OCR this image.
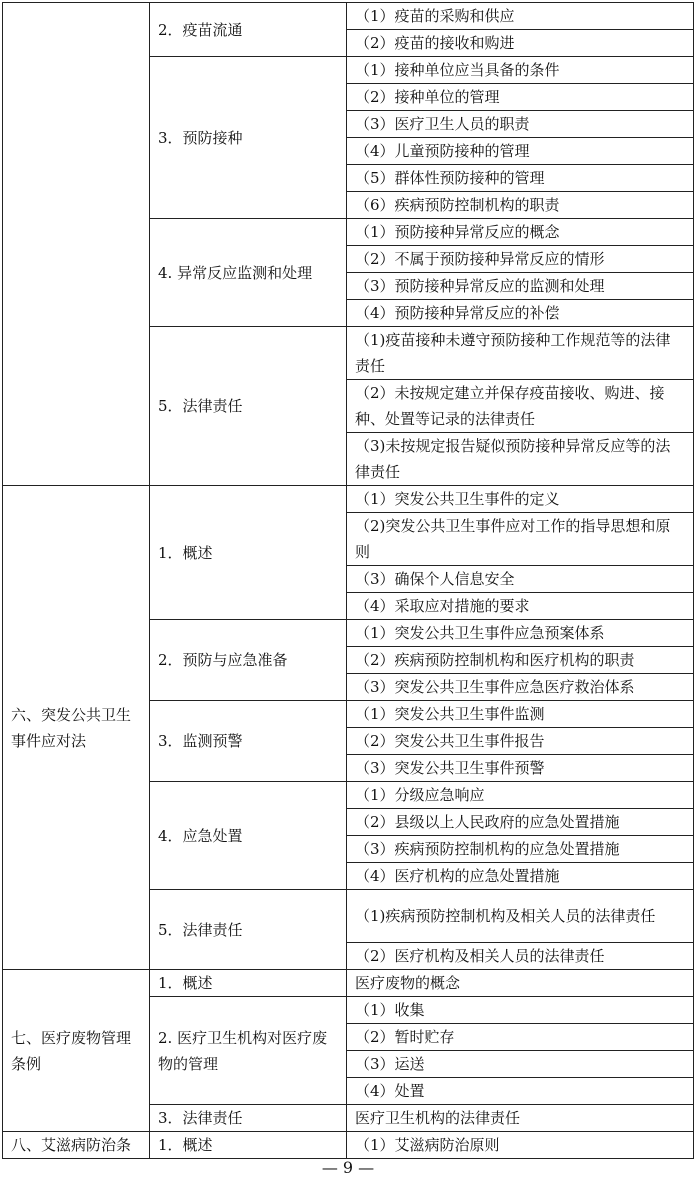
	2．疫苗流通	（1）疫苗的采购和供应
		（2）疫苗的接收和购进
	3．预防接种	（1）接种单位应当具备的条件
		（2）接种单位的管理
		（3）医疗卫生人员的职责
		（4）儿童预防接种的管理
		（5）群体性预防接种的管理
		（6）疾病预防控制机构的职责
	4. 异常反应监测和处理	（1）预防接种异常反应的概念
		（2）不属于预防接种异常反应的情形
		（3）预防接种异常反应的监测和处理
		（4）预防接种异常反应的补偿
	5．法律责任	（1)疫苗接种未遵守预防接种工作规范等的法律责任
		（2）未按规定建立并保存疫苗接收、购进、接种、处置等记录的法律责任
		（3)未按规定报告疑似预防接种异常反应等的法律责任
六、突发公共卫生事件应对法	1．概述	（1）突发公共卫生事件的定义
		（2)突发公共卫生事件应对工作的指导思想和原则
		（3）确保个人信息安全
		（4）采取应对措施的要求
	2．预防与应急准备	（1）突发公共卫生事件应急预案体系
		（2）疾病预防控制机构和医疗机构的职责
		（3）突发公共卫生事件应急医疗救治体系
	3．监测预警	（1）突发公共卫生事件监测
		（2）突发公共卫生事件报告
		（3）突发公共卫生事件预警
	4．应急处置	（1）分级应急响应
		（2）县级以上人民政府的应急处置措施
		（3）疾病预防控制机构的应急处置措施
		（4）医疗机构的应急处置措施
	5．法律责任	（1)疾病预防控制机构及相关人员的法律责任
		（2）医疗机构及相关人员的法律责任
七、医疗废物管理条例	1．概述	医疗废物的概念
	2. 医疗卫生机构对医疗废物的管理	（1）收集
		（2）暂时贮存
		（3）运送
		（4）处置
	3．法律责任	医疗卫生机构的法律责任
八、艾滋病防治条	1．概述	（1）艾滋病防治原则
— 9 —
